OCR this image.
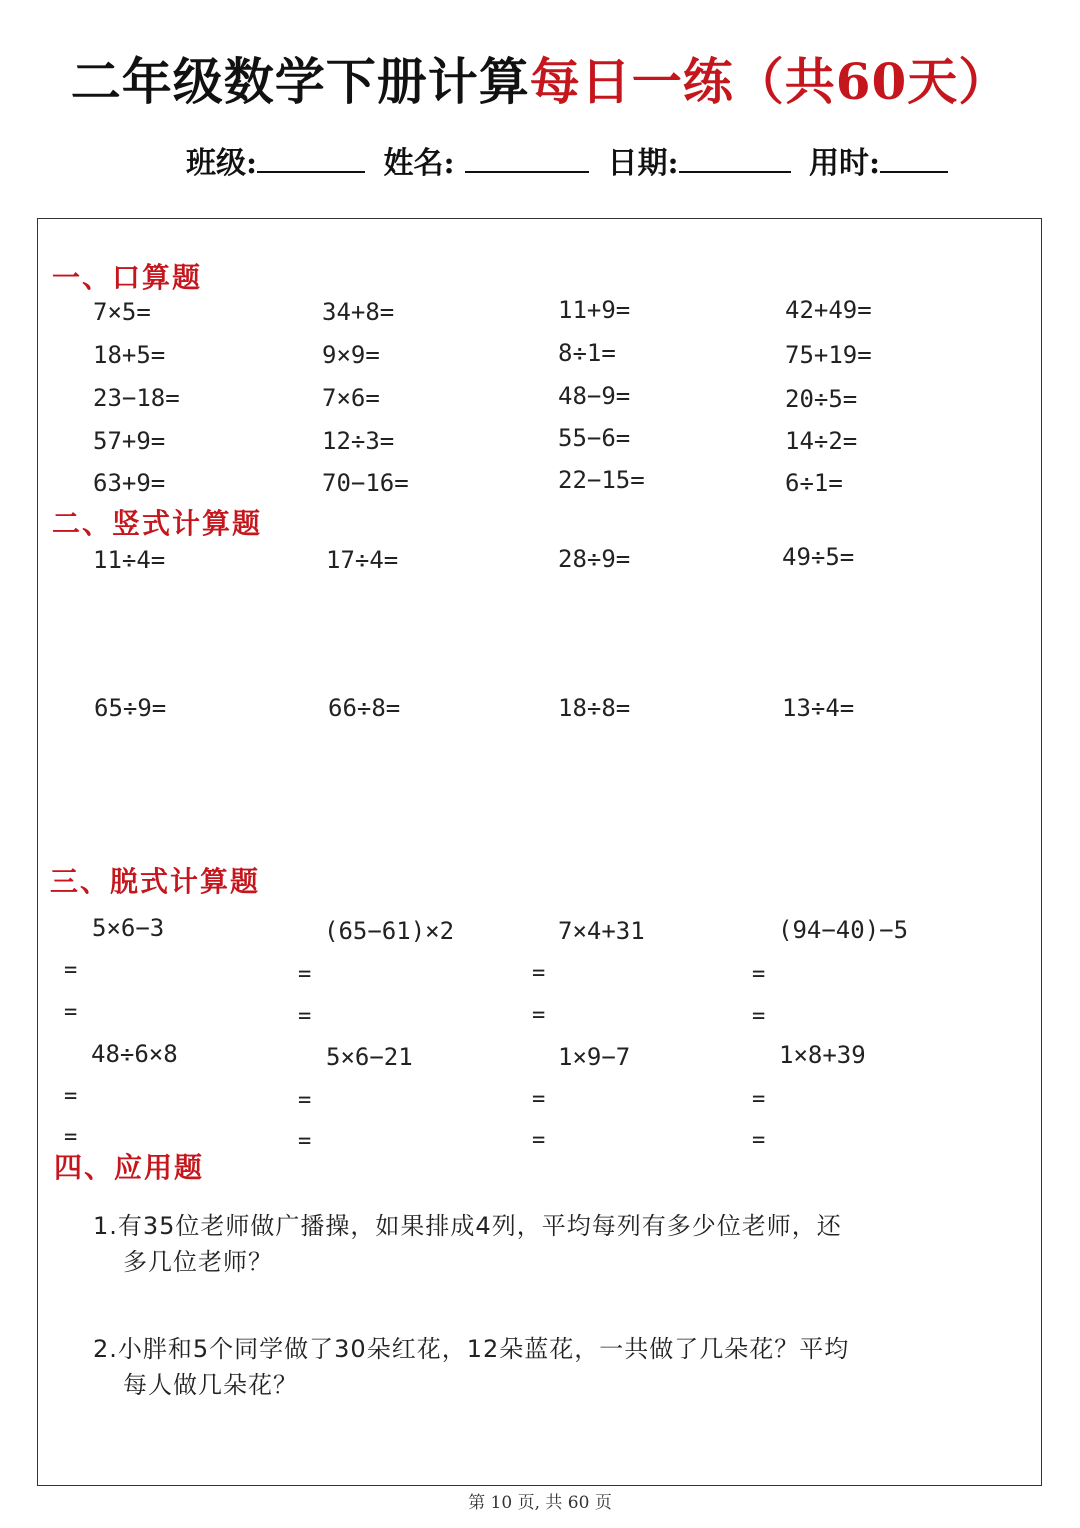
二年级数学下册计算每日一练（共60天）
班级:	姓名:	日期:	用时:
一、口算题
7×5=	34+8=	11+9=	42+49=
18+5=	9×9=	8÷1=	75+19=
23−18=	7×6=	48−9=	20÷5=
57+9=	12÷3=	55−6=	14÷2=
63+9=	70−16=	22−15=	6÷1=
二、竖式计算题
11÷4=	17÷4=	28÷9=	49÷5=
65÷9=	66÷8=	18÷8=	13÷4=
三、脱式计算题
5×6−3	(65−61)×2	7×4+31	(94−40)−5
=	=	=	=
=	=	=	=
48÷6×8	5×6−21	1×9−7	1×8+39
=	=	=	=
=	=	=	=
四、应用题
1.有35位老师做广播操，如果排成4列，平均每列有多少位老师，还
多几位老师？
2.小胖和5个同学做了30朵红花，12朵蓝花，一共做了几朵花？平均
每人做几朵花？
第 10 页, 共 60 页
